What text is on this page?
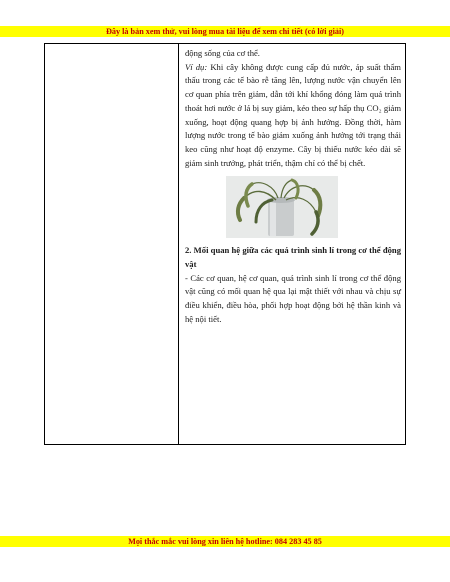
Đây là bản xem thử, vui lòng mua tài liệu để xem chi tiết (có lời giải)

động sống của cơ thể.

Ví dụ: Khi cây không được cung cấp đủ nước, áp suất thẩm thấu trong các tế bào rễ tăng lên, lượng nước vận chuyển lên cơ quan phía trên giảm, dẫn tới khí khổng đóng làm quá trình thoát hơi nước ở lá bị suy giảm, kéo theo sự hấp thụ CO₂ giảm xuống, hoạt động quang hợp bị ảnh hưởng. Đồng thời, hàm lượng nước trong tế bào giảm xuống ảnh hưởng tới trạng thái keo cũng như hoạt độ enzyme. Cây bị thiếu nước kéo dài sẽ giảm sinh trưởng, phát triển, thậm chí có thể bị chết.

2. Mối quan hệ giữa các quá trình sinh lí trong cơ thể động vật

- Các cơ quan, hệ cơ quan, quá trình sinh lí trong cơ thể động vật cũng có mối quan hệ qua lại mật thiết với nhau và chịu sự điều khiển, điều hòa, phối hợp hoạt động bởi hệ thần kinh và hệ nội tiết.

Mọi thắc mắc vui lòng xin liên hệ hotline: 084 283 45 85
